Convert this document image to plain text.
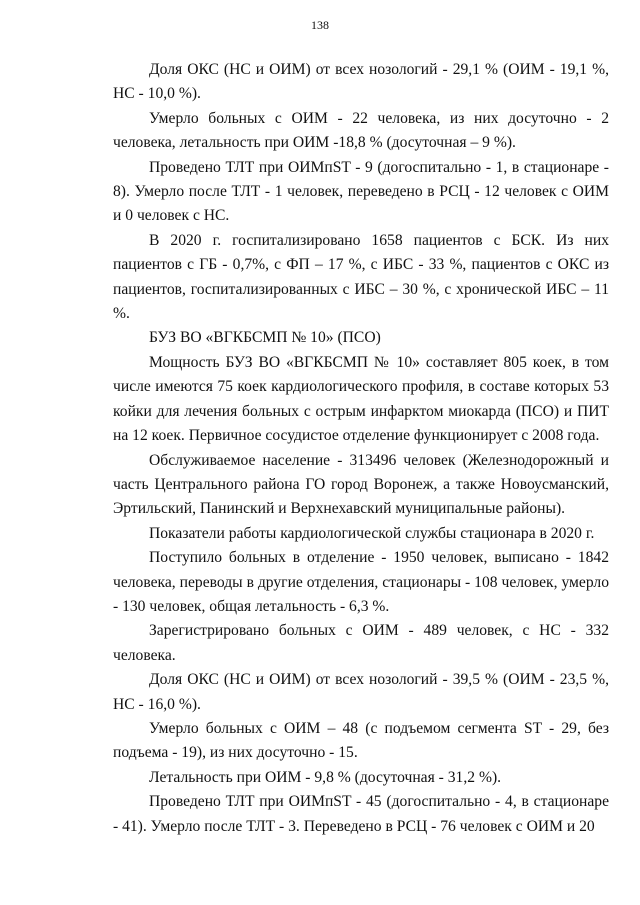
138

Доля ОКС (НС и ОИМ) от всех нозологий - 29,1 % (ОИМ - 19,1 %, НС - 10,0 %).

Умерло больных с ОИМ - 22 человека, из них досуточно - 2 человека, летальность при ОИМ -18,8 % (досуточная – 9 %).

Проведено ТЛТ при ОИМпST - 9 (догоспитально - 1, в стационаре - 8). Умерло после ТЛТ - 1 человек, переведено в РСЦ - 12 человек с ОИМ и 0 человек с НС.

В 2020 г. госпитализировано 1658 пациентов с БСК. Из них пациентов с ГБ - 0,7%, с ФП – 17 %, с ИБС - 33 %, пациентов с ОКС из пациентов, госпитализированных с ИБС – 30 %, с хронической ИБС – 11 %.

БУЗ ВО «ВГКБСМП № 10» (ПСО)

Мощность БУЗ ВО «ВГКБСМП № 10» составляет 805 коек, в том числе имеются 75 коек кардиологического профиля, в составе которых 53 койки для лечения больных с острым инфарктом миокарда (ПСО) и ПИТ на 12 коек. Первичное сосудистое отделение функционирует с 2008 года.

Обслуживаемое население - 313496 человек (Железнодорожный и часть Центрального района ГО город Воронеж, а также Новоусманский, Эртильский, Панинский и Верхнехавский муниципальные районы).

Показатели работы кардиологической службы стационара в 2020 г.

Поступило больных в отделение - 1950 человек, выписано - 1842 человека, переводы в другие отделения, стационары - 108 человек, умерло - 130 человек, общая летальность - 6,3 %.

Зарегистрировано больных с ОИМ - 489 человек, с НС - 332 человека.

Доля ОКС (НС и ОИМ) от всех нозологий - 39,5 % (ОИМ - 23,5 %, НС - 16,0 %).

Умерло больных с ОИМ – 48 (с подъемом сегмента ST - 29, без подъема - 19), из них досуточно - 15.

Летальность при ОИМ - 9,8 % (досуточная - 31,2 %).

Проведено ТЛТ при ОИМпST - 45 (догоспитально - 4, в стационаре - 41). Умерло после ТЛТ - 3. Переведено в РСЦ - 76 человек с ОИМ и 20
